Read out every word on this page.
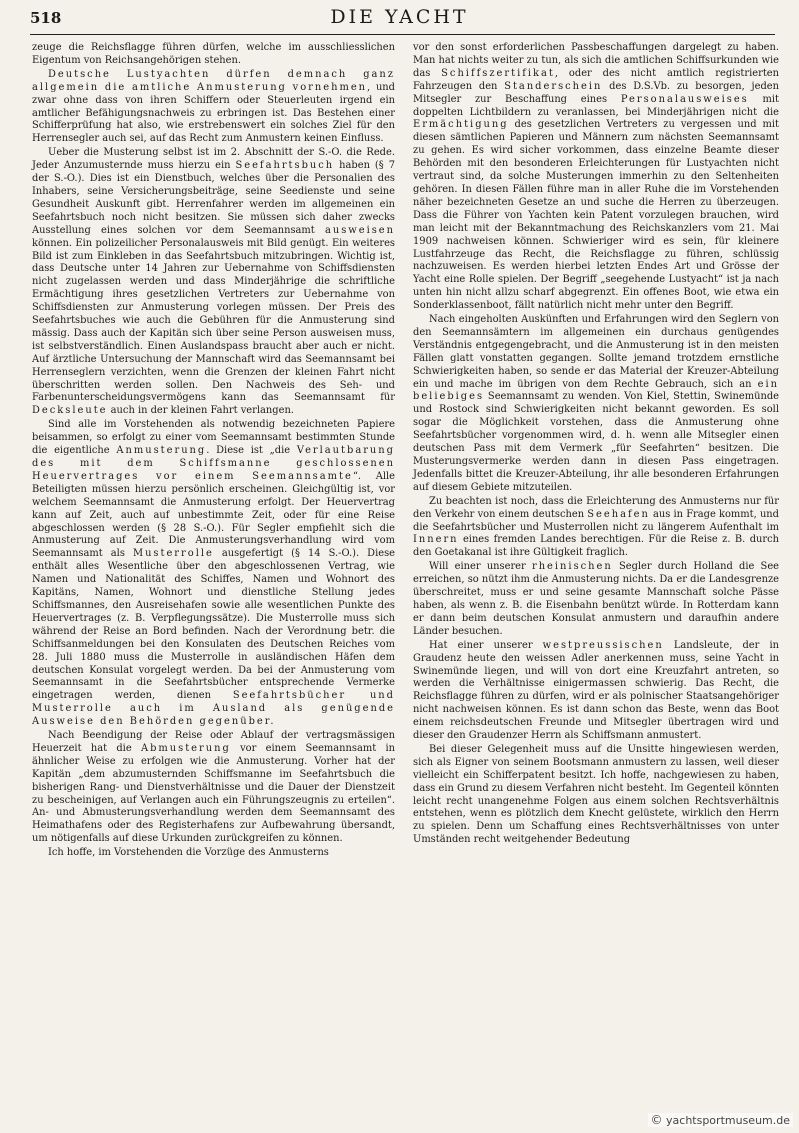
518	DIE YACHT

zeuge die Reichsflagge führen dürfen, welche im ausschliesslichen Eigentum von Reichsangehörigen stehen.

Deutsche Lustyachten dürfen demnach ganz allgemein die amtliche Anmusterung vornehmen, und zwar ohne dass von ihren Schiffern oder Steuerleuten irgend ein amtlicher Befähigungsnachweis zu erbringen ist. Das Bestehen einer Schifferprüfung hat also, wie erstrebenswert ein solches Ziel für den Herrensegler auch sei, auf das Recht zum Anmustern keinen Einfluss.

Ueber die Musterung selbst ist im 2. Abschnitt der S.-O. die Rede. Jeder Anzumusternde muss hierzu ein Seefahrtsbuch haben (§ 7 der S.-O.). Dies ist ein Dienstbuch, welches über die Personalien des Inhabers, seine Versicherungsbeiträge, seine Seedienste und seine Gesundheit Auskunft gibt. Herrenfahrer werden im allgemeinen ein Seefahrtsbuch noch nicht besitzen. Sie müssen sich daher zwecks Ausstellung eines solchen vor dem Seemannsamt ausweisen können. Ein polizeilicher Personalausweis mit Bild genügt. Ein weiteres Bild ist zum Einkleben in das Seefahrtsbuch mitzubringen. Wichtig ist, dass Deutsche unter 14 Jahren zur Uebernahme von Schiffsdiensten nicht zugelassen werden und dass Minderjährige die schriftliche Ermächtigung ihres gesetzlichen Vertreters zur Uebernahme von Schiffsdiensten zur Anmusterung vorlegen müssen. Der Preis des Seefahrtsbuches wie auch die Gebühren für die Anmusterung sind mässig. Dass auch der Kapitän sich über seine Person ausweisen muss, ist selbstverständlich. Einen Auslandspass braucht aber auch er nicht. Auf ärztliche Untersuchung der Mannschaft wird das Seemannsamt bei Herrenseglern verzichten, wenn die Grenzen der kleinen Fahrt nicht überschritten werden sollen. Den Nachweis des Seh- und Farbenunterscheidungsvermögens kann das Seemannsamt für Decksleute auch in der kleinen Fahrt verlangen.

Sind alle im Vorstehenden als notwendig bezeichneten Papiere beisammen, so erfolgt zu einer vom Seemannsamt bestimmten Stunde die eigentliche Anmusterung. Diese ist „die Verlautbarung des mit dem Schiffsmanne geschlossenen Heuervertrages vor einem Seemannsamte“. Alle Beteiligten müssen hierzu persönlich erscheinen. Gleichgültig ist, vor welchem Seemannsamt die Anmusterung erfolgt. Der Heuervertrag kann auf Zeit, auch auf unbestimmte Zeit, oder für eine Reise abgeschlossen werden (§ 28 S.-O.). Für Segler empfiehlt sich die Anmusterung auf Zeit. Die Anmusterungsverhandlung wird vom Seemannsamt als Musterrolle ausgefertigt (§ 14 S.-O.). Diese enthält alles Wesentliche über den abgeschlossenen Vertrag, wie Namen und Nationalität des Schiffes, Namen und Wohnort des Kapitäns, Namen, Wohnort und dienstliche Stellung jedes Schiffsmannes, den Ausreisehafen sowie alle wesentlichen Punkte des Heuervertrages (z. B. Verpflegungssätze). Die Musterrolle muss sich während der Reise an Bord befinden. Nach der Verordnung betr. die Schiffsanmeldungen bei den Konsulaten des Deutschen Reiches vom 28. Juli 1880 muss die Musterrolle in ausländischen Häfen dem deutschen Konsulat vorgelegt werden. Da bei der Anmusterung vom Seemannsamt in die Seefahrtsbücher entsprechende Vermerke eingetragen werden, dienen Seefahrtsbücher und Musterrolle auch im Ausland als genügende Ausweise den Behörden gegenüber.

Nach Beendigung der Reise oder Ablauf der vertragsmässigen Heuerzeit hat die Abmusterung vor einem Seemannsamt in ähnlicher Weise zu erfolgen wie die Anmusterung. Vorher hat der Kapitän „dem abzumusternden Schiffsmanne im Seefahrtsbuch die bisherigen Rang- und Dienstverhältnisse und die Dauer der Dienstzeit zu bescheinigen, auf Verlangen auch ein Führungszeugnis zu erteilen“. An- und Abmusterungsverhandlung werden dem Seemannsamt des Heimathafens oder des Registerhafens zur Aufbewahrung übersandt, um nötigenfalls auf diese Urkunden zurückgreifen zu können.

Ich hoffe, im Vorstehenden die Vorzüge des Anmusterns

vor den sonst erforderlichen Passbeschaffungen dargelegt zu haben. Man hat nichts weiter zu tun, als sich die amtlichen Schiffsurkunden wie das Schiffszertifikat, oder des nicht amtlich registrierten Fahrzeugen den Standerschein des D.S.Vb. zu besorgen, jeden Mitsegler zur Beschaffung eines Personalausweises mit doppelten Lichtbildern zu veranlassen, bei Minderjährigen nicht die Ermächtigung des gesetzlichen Vertreters zu vergessen und mit diesen sämtlichen Papieren und Männern zum nächsten Seemannsamt zu gehen. Es wird sicher vorkommen, dass einzelne Beamte dieser Behörden mit den besonderen Erleichterungen für Lustyachten nicht vertraut sind, da solche Musterungen immerhin zu den Seltenheiten gehören. In diesen Fällen führe man in aller Ruhe die im Vorstehenden näher bezeichneten Gesetze an und suche die Herren zu überzeugen. Dass die Führer von Yachten kein Patent vorzulegen brauchen, wird man leicht mit der Bekanntmachung des Reichskanzlers vom 21. Mai 1909 nachweisen können. Schwieriger wird es sein, für kleinere Lustfahrzeuge das Recht, die Reichsflagge zu führen, schlüssig nachzuweisen. Es werden hierbei letzten Endes Art und Grösse der Yacht eine Rolle spielen. Der Begriff „seegehende Lustyacht“ ist ja nach unten hin nicht allzu scharf abgegrenzt. Ein offenes Boot, wie etwa ein Sonderklassenboot, fällt natürlich nicht mehr unter den Begriff.

Nach eingeholten Auskünften und Erfahrungen wird den Seglern von den Seemannsämtern im allgemeinen ein durchaus genügendes Verständnis entgegengebracht, und die Anmusterung ist in den meisten Fällen glatt vonstatten gegangen. Sollte jemand trotzdem ernstliche Schwierigkeiten haben, so sende er das Material der Kreuzer-Abteilung ein und mache im übrigen von dem Rechte Gebrauch, sich an ein beliebiges Seemannsamt zu wenden. Von Kiel, Stettin, Swinemünde und Rostock sind Schwierigkeiten nicht bekannt geworden. Es soll sogar die Möglichkeit vorstehen, dass die Anmusterung ohne Seefahrtsbücher vorgenommen wird, d. h. wenn alle Mitsegler einen deutschen Pass mit dem Vermerk „für Seefahrten“ besitzen. Die Musterungsvermerke werden dann in diesen Pass eingetragen. Jedenfalls bittet die Kreuzer-Abteilung, ihr alle besonderen Erfahrungen auf diesem Gebiete mitzuteilen.

Zu beachten ist noch, dass die Erleichterung des Anmusterns nur für den Verkehr von einem deutschen Seehafen aus in Frage kommt, und die Seefahrtsbücher und Musterrollen nicht zu längerem Aufenthalt im Innern eines fremden Landes berechtigen. Für die Reise z. B. durch den Goetakanal ist ihre Gültigkeit fraglich.

Will einer unserer rheinischen Segler durch Holland die See erreichen, so nützt ihm die Anmusterung nichts. Da er die Landesgrenze überschreitet, muss er und seine gesamte Mannschaft solche Pässe haben, als wenn z. B. die Eisenbahn benützt würde. In Rotterdam kann er dann beim deutschen Konsulat anmustern und daraufhin andere Länder besuchen.

Hat einer unserer westpreussischen Landsleute, der in Graudenz heute den weissen Adler anerkennen muss, seine Yacht in Swinemünde liegen, und will von dort eine Kreuzfahrt antreten, so werden die Verhältnisse einigermassen schwierig. Das Recht, die Reichsflagge führen zu dürfen, wird er als polnischer Staatsangehöriger nicht nachweisen können. Es ist dann schon das Beste, wenn das Boot einem reichsdeutschen Freunde und Mitsegler übertragen wird und dieser den Graudenzer Herrn als Schiffsmann anmustert.

Bei dieser Gelegenheit muss auf die Unsitte hingewiesen werden, sich als Eigner von seinem Bootsmann anmustern zu lassen, weil dieser vielleicht ein Schifferpatent besitzt. Ich hoffe, nachgewiesen zu haben, dass ein Grund zu diesem Verfahren nicht besteht. Im Gegenteil könnten leicht recht unangenehme Folgen aus einem solchen Rechtsverhältnis entstehen, wenn es plötzlich dem Knecht gelüstete, wirklich den Herrn zu spielen. Denn um Schaffung eines Rechtsverhältnisses von unter Umständen recht weitgehender Bedeutung

© yachtsportmuseum.de
